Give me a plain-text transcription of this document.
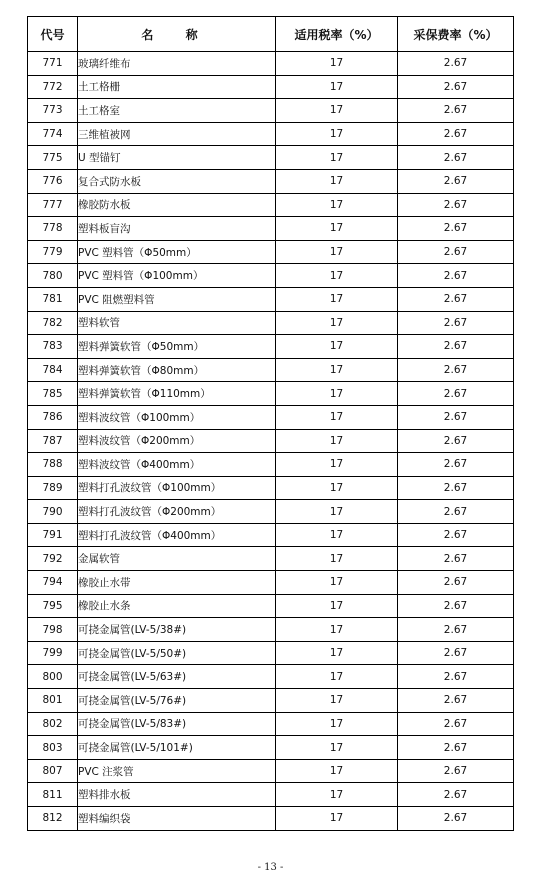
代号	名 称	适用税率（%）	采保费率（%）
771	玻璃纤维布	17	2.67
772	土工格栅	17	2.67
773	土工格室	17	2.67
774	三维植被网	17	2.67
775	U 型锚钉	17	2.67
776	复合式防水板	17	2.67
777	橡胶防水板	17	2.67
778	塑料板盲沟	17	2.67
779	PVC 塑料管（Φ50mm）	17	2.67
780	PVC 塑料管（Φ100mm）	17	2.67
781	PVC 阻燃塑料管	17	2.67
782	塑料软管	17	2.67
783	塑料弹簧软管（Φ50mm）	17	2.67
784	塑料弹簧软管（Φ80mm）	17	2.67
785	塑料弹簧软管（Φ110mm）	17	2.67
786	塑料波纹管（Φ100mm）	17	2.67
787	塑料波纹管（Φ200mm）	17	2.67
788	塑料波纹管（Φ400mm）	17	2.67
789	塑料打孔波纹管（Φ100mm）	17	2.67
790	塑料打孔波纹管（Φ200mm）	17	2.67
791	塑料打孔波纹管（Φ400mm）	17	2.67
792	金属软管	17	2.67
794	橡胶止水带	17	2.67
795	橡胶止水条	17	2.67
798	可挠金属管(LV-5/38#)	17	2.67
799	可挠金属管(LV-5/50#)	17	2.67
800	可挠金属管(LV-5/63#)	17	2.67
801	可挠金属管(LV-5/76#)	17	2.67
802	可挠金属管(LV-5/83#)	17	2.67
803	可挠金属管(LV-5/101#)	17	2.67
807	PVC 注浆管	17	2.67
811	塑料排水板	17	2.67
812	塑料编织袋	17	2.67
- 13 -
